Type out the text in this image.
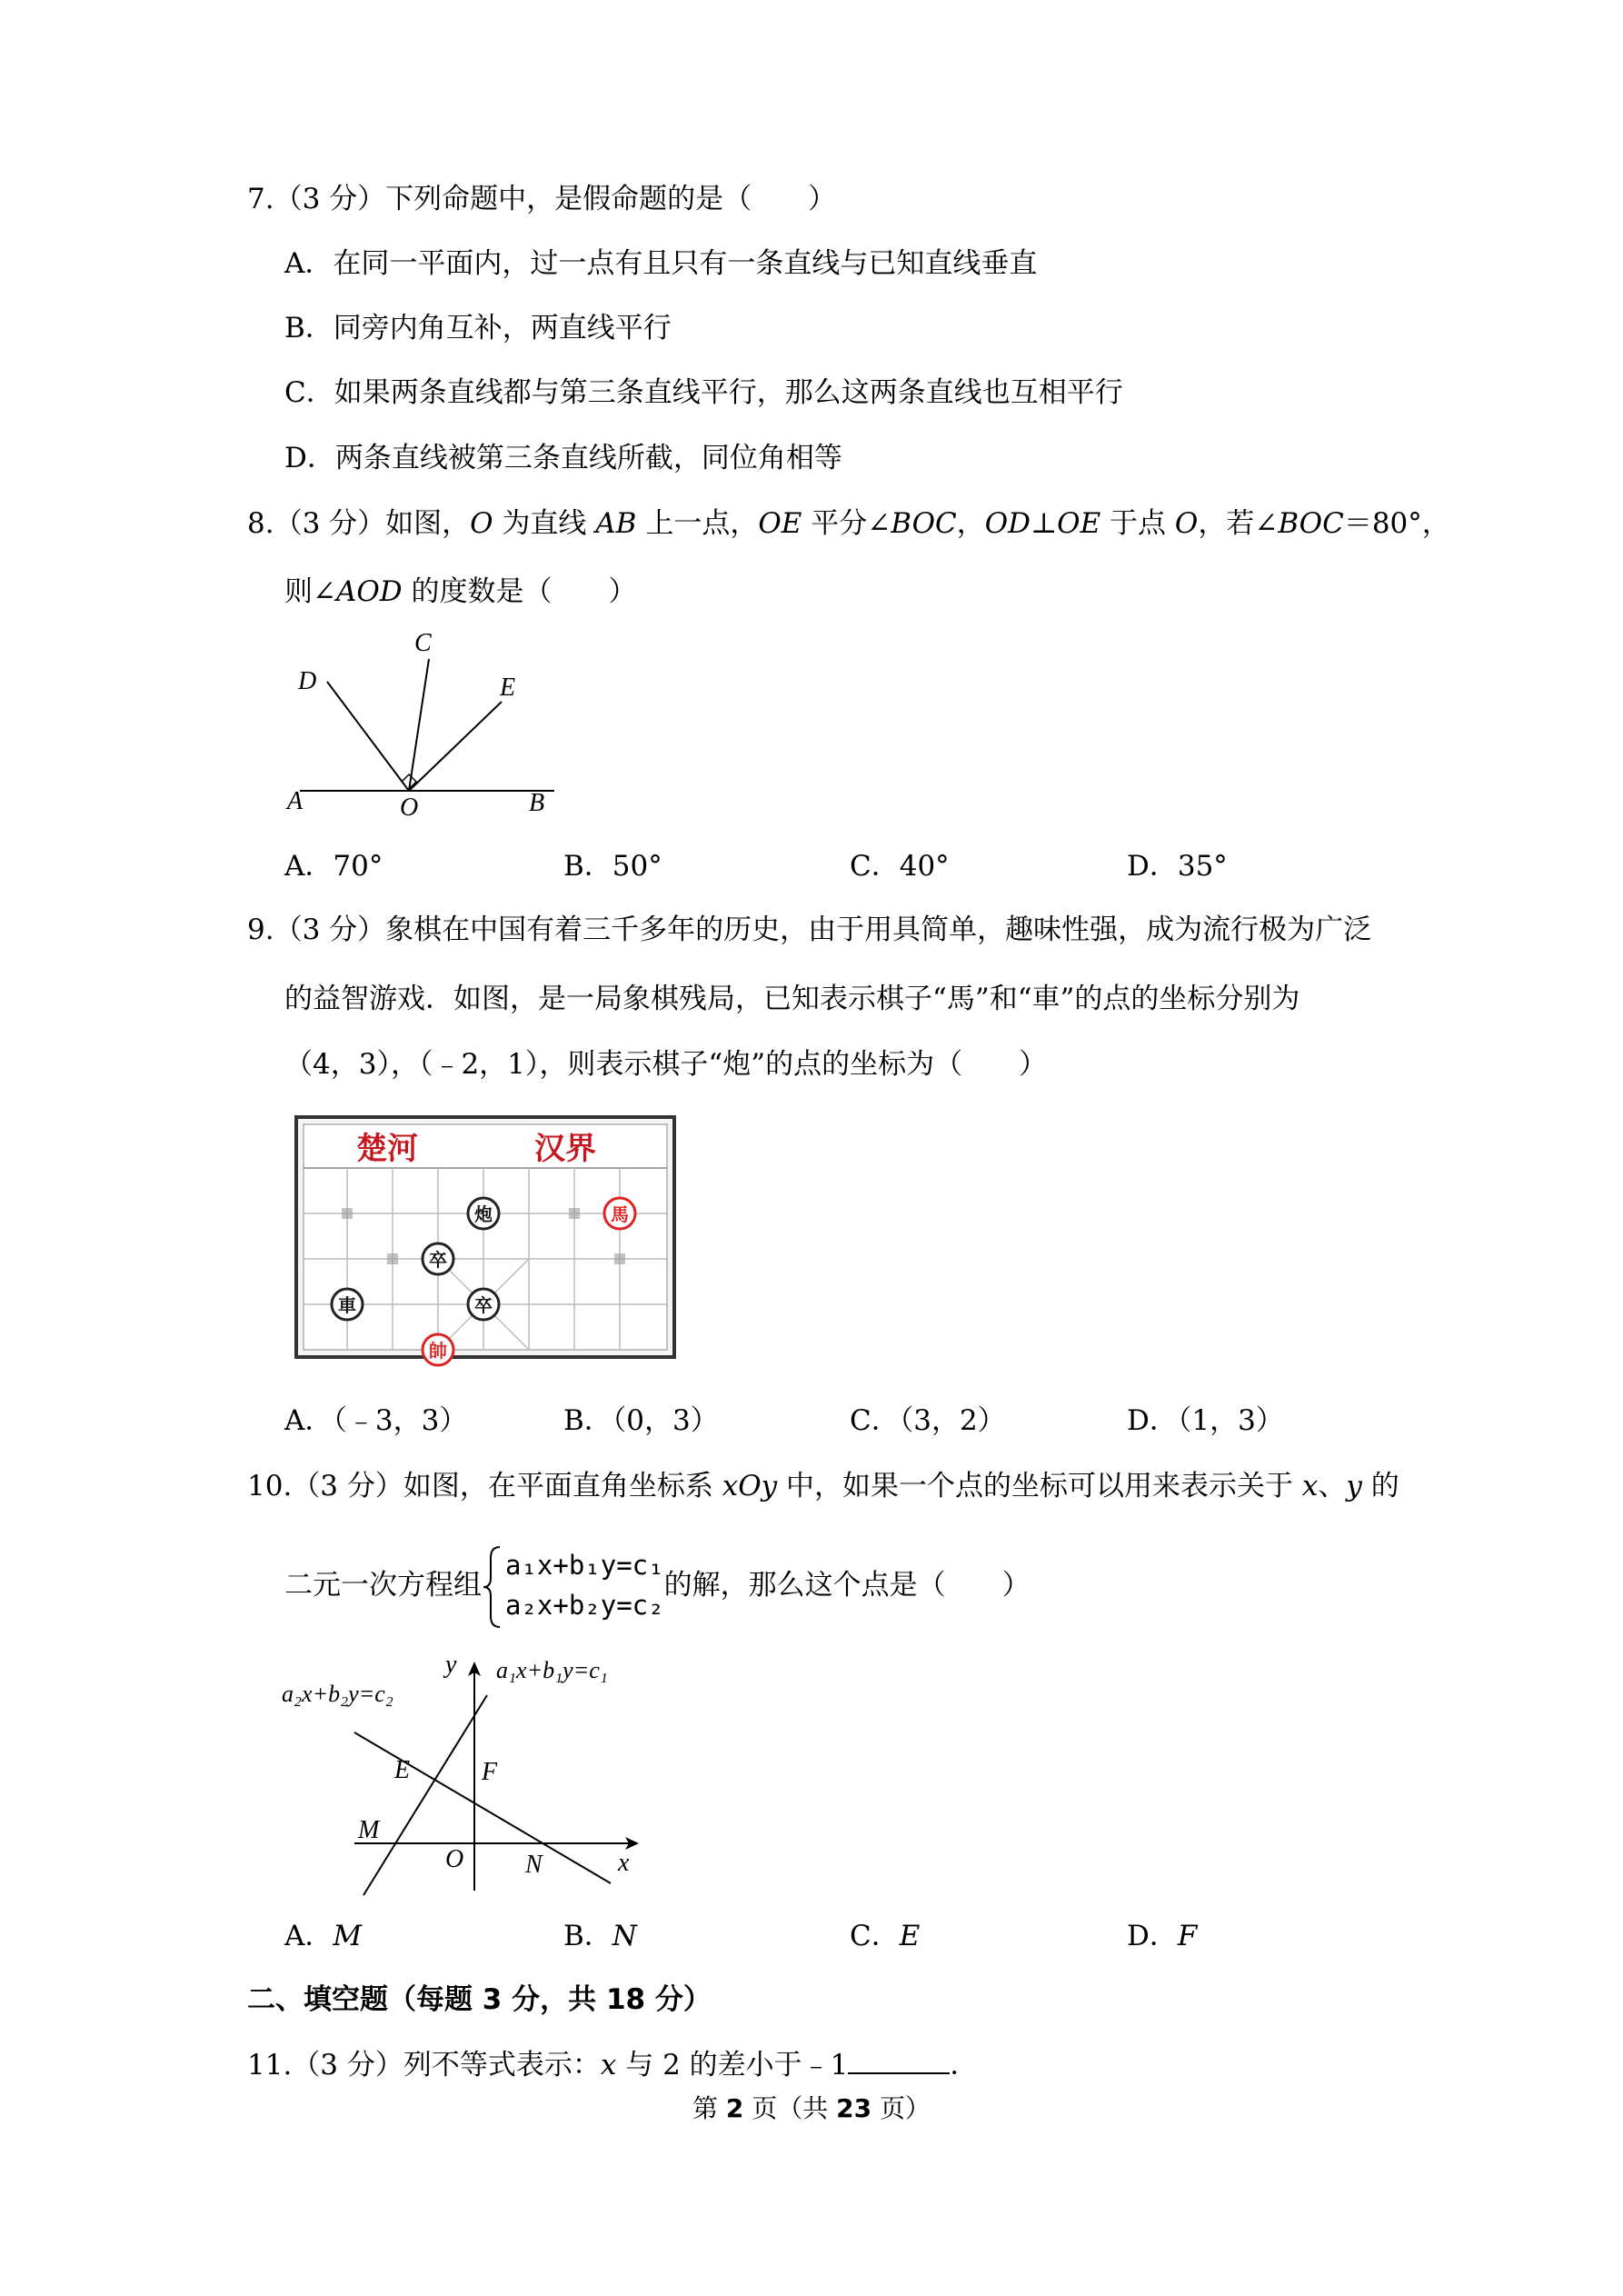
7.（3 分）下列命题中，是假命题的是（　　）
A．在同一平面内，过一点有且只有一条直线与已知直线垂直
B．同旁内角互补，两直线平行
C．如果两条直线都与第三条直线平行，那么这两条直线也互相平行
D．两条直线被第三条直线所截，同位角相等
8.（3 分）如图，O 为直线 AB 上一点，OE 平分∠BOC，OD⊥OE 于点 O，若∠BOC＝80°，
则∠AOD 的度数是（　　）
A	O	B
C
D	E
A．70°	B．50°	C．40°	D．35°
9.（3 分）象棋在中国有着三千多年的历史，由于用具简单，趣味性强，成为流行极为广泛
的益智游戏．如图，是一局象棋残局，已知表示棋子“馬”和“車”的点的坐标分别为
（4，3），（﹣2，1），则表示棋子“炮”的点的坐标为（　　）
楚河	汉界
炮	馬
卒
車	卒
帥
A．（﹣3，3）	B．（0，3）	C．（3，2）	D．（1，3）
10.（3 分）如图，在平面直角坐标系 xOy 中，如果一个点的坐标可以用来表示关于 x、y 的
二元一次方程组
a₁x+b₁y=c₁
a₂x+b₂y=c₂的解，那么这个点是（　　）
a₂x+b₂y=c₂
a₁x+b₁y=c₁
y
x
E	F
M
N
O
A．M	B．N	C．E	D．F
二、填空题（每题 3 分，共 18 分）
11.（3 分）列不等式表示：x 与 2 的差小于﹣1	．
第 2 页（共 23 页）
